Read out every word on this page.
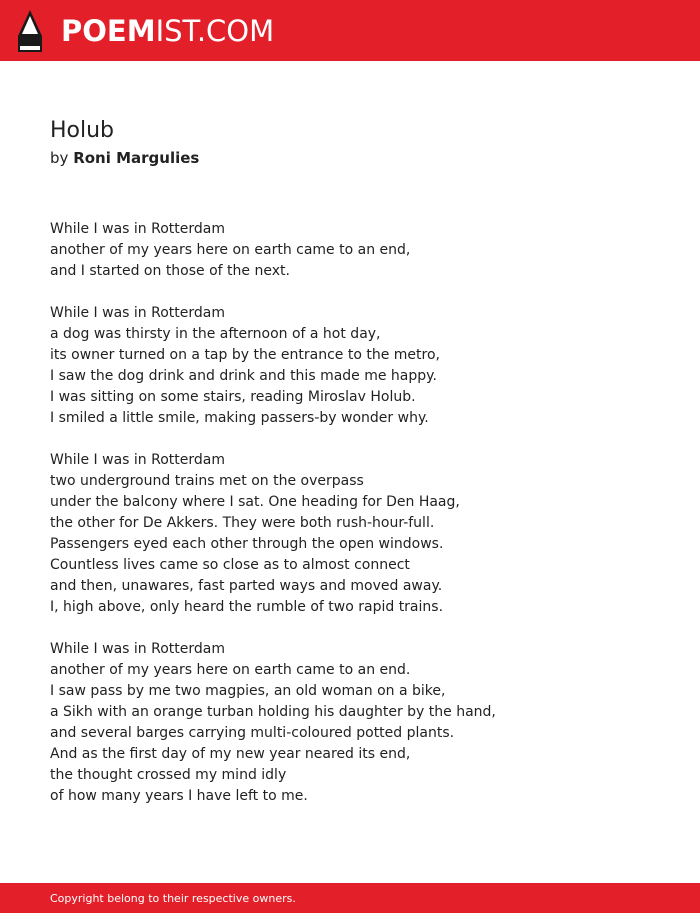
POEMIST.COM
Holub
by Roni Margulies
While I was in Rotterdam
another of my years here on earth came to an end,
and I started on those of the next.
While I was in Rotterdam
a dog was thirsty in the afternoon of a hot day,
its owner turned on a tap by the entrance to the metro,
I saw the dog drink and drink and this made me happy.
I was sitting on some stairs, reading Miroslav Holub.
I smiled a little smile, making passers-by wonder why.
While I was in Rotterdam
two underground trains met on the overpass
under the balcony where I sat. One heading for Den Haag,
the other for De Akkers. They were both rush-hour-full.
Passengers eyed each other through the open windows.
Countless lives came so close as to almost connect
and then, unawares, fast parted ways and moved away.
I, high above, only heard the rumble of two rapid trains.
While I was in Rotterdam
another of my years here on earth came to an end.
I saw pass by me two magpies, an old woman on a bike,
a Sikh with an orange turban holding his daughter by the hand,
and several barges carrying multi-coloured potted plants.
And as the first day of my new year neared its end,
the thought crossed my mind idly
of how many years I have left to me.
Copyright belong to their respective owners.
